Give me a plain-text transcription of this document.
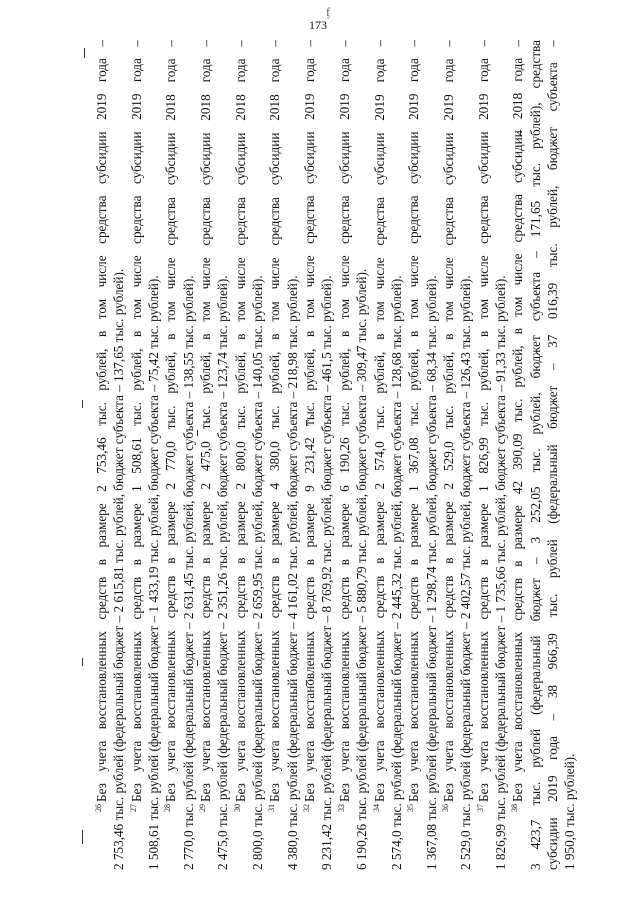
173
ᶂ
$^{26}$Без учета восстановленных средств в размере 2 753,46 тыс. рублей, в том числе средства субсидии 2019 года – 2 753,46 тыс. рублей (федеральный бюджет – 2 615,81 тыс. рублей, бюджет субъекта – 137,65 тыс. рублей). $^{27}$Без учета восстановленных средств в размере 1 508,61 тыс. рублей, в том числе средства субсидии 2019 года – 1 508,61 тыс. рублей (федеральный бюджет – 1 433,19 тыс. рублей, бюджет субъекта – 75,42 тыс. рублей). $^{28}$Без учета восстановленных средств в размере 2 770,0 тыс. рублей, в том числе средства субсидии 2018 года – 2 770,0 тыс. рублей (федеральный бюджет – 2 631,45 тыс. рублей, бюджет субъекта – 138,55 тыс. рублей). $^{29}$Без учета восстановленных средств в размере 2 475,0 тыс. рублей, в том числе средства субсидии 2018 года – 2 475,0 тыс. рублей (федеральный бюджет – 2 351,26 тыс. рублей, бюджет субъекта – 123,74 тыс. рублей). $^{30}$Без учета восстановленных средств в размере 2 800,0 тыс. рублей, в том числе средства субсидии 2018 года – 2 800,0 тыс. рублей (федеральный бюджет – 2 659,95 тыс. рублей, бюджет субъекта – 140,05 тыс. рублей). $^{31}$Без учета восстановленных средств в размере 4 380,0 тыс. рублей, в том числе средства субсидии 2018 года – 4 380,0 тыс. рублей (федеральный бюджет – 4 161,02 тыс. рублей, бюджет субъекта – 218,98 тыс. рублей). $^{32}$Без учета восстановленных средств в размере 9 231,42 тыс. рублей, в том числе средства субсидии 2019 года – 9 231,42 тыс. рублей (федеральный бюджет – 8 769,92 тыс. рублей, бюджет субъекта – 461,5 тыс. рублей). $^{33}$Без учета восстановленных средств в размере 6 190,26 тыс. рублей, в том числе средства субсидии 2019 года – 6 190,26 тыс. рублей (федеральный бюджет – 5 880,79 тыс. рублей, бюджет субъекта – 309,47 тыс. рублей). $^{34}$Без учета восстановленных средств в размере 2 574,0 тыс. рублей, в том числе средства субсидии 2019 года – 2 574,0 тыс. рублей (федеральный бюджет – 2 445,32 тыс. рублей, бюджет субъекта – 128,68 тыс. рублей). $^{35}$Без учета восстановленных средств в размере 1 367,08 тыс. рублей, в том числе средства субсидии 2019 года – 1 367,08 тыс. рублей (федеральный бюджет – 1 298,74 тыс. рублей, бюджет субъекта – 68,34 тыс. рублей). $^{36}$Без учета восстановленных средств в размере 2 529,0 тыс. рублей, в том числе средства субсидии 2019 года – 2 529,0 тыс. рублей (федеральный бюджет – 2 402,57 тыс. рублей, бюджет субъекта – 126,43 тыс. рублей). $^{37}$Без учета восстановленных средств в размере 1 826,99 тыс. рублей, в том числе средства субсидии 2019 года – 1 826,99 тыс. рублей (федеральный бюджет – 1 735,66 тыс. рублей, бюджет субъекта – 91,33 тыс. рублей). $^{38}$Без учета восстановленных средств в размере 42 390,09 тыс. рублей, в том числе средства субсидии 2018 года – 3 423,7 тыс. рублей (федеральный бюджет – 3 252,05 тыс. рублей, бюджет субъекта – 171,65 тыс. рублей), средства субсидии 2019 года – 38 966,39 тыс. рублей (федеральный бюджет – 37 016,39 тыс. рублей, бюджет субъекта – 1 950,0 тыс. рублей).
